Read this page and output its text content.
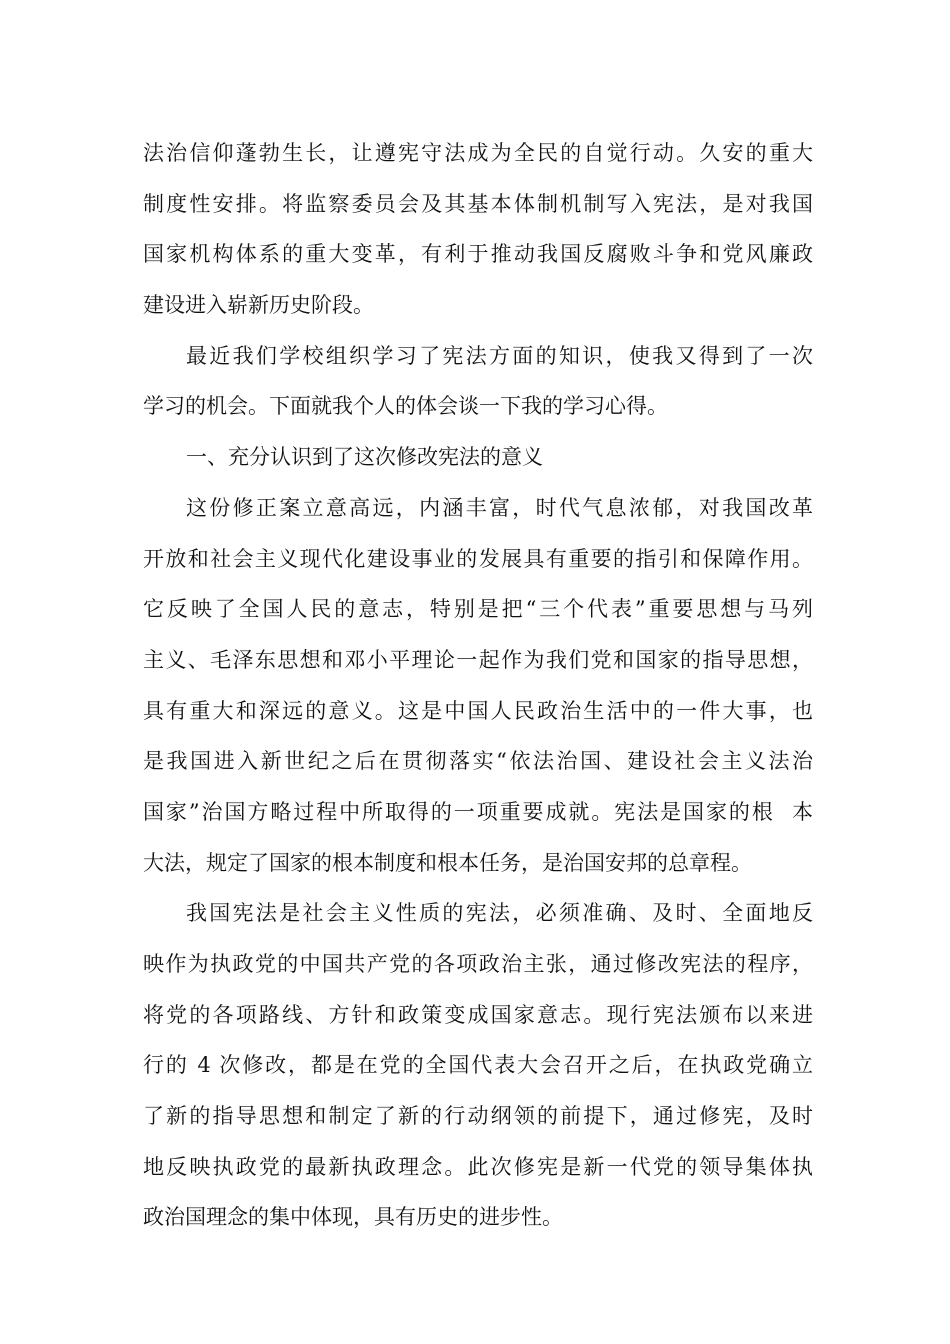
法治信仰蓬勃生长，让遵宪守法成为全民的自觉行动。久安的重大
制度性安排。将监察委员会及其基本体制机制写入宪法，是对我国
国家机构体系的重大变革，有利于推动我国反腐败斗争和党风廉政
建设进入崭新历史阶段。
最近我们学校组织学习了宪法方面的知识，使我又得到了一次
学习的机会。下面就我个人的体会谈一下我的学习心得。
一、充分认识到了这次修改宪法的意义
这份修正案立意高远，内涵丰富，时代气息浓郁，对我国改革
开放和社会主义现代化建设事业的发展具有重要的指引和保障作用。
它反映了全国人民的意志，特别是把“三个代表”重要思想与马列
主义、毛泽东思想和邓小平理论一起作为我们党和国家的指导思想，
具有重大和深远的意义。这是中国人民政治生活中的一件大事，也
是我国进入新世纪之后在贯彻落实“依法治国、建设社会主义法治
国家”治国方略过程中所取得的一项重要成就。宪法是国家的根  本
大法，规定了国家的根本制度和根本任务，是治国安邦的总章程。
我国宪法是社会主义性质的宪法，必须准确、及时、全面地反
映作为执政党的中国共产党的各项政治主张，通过修改宪法的程序，
将党的各项路线、方针和政策变成国家意志。现行宪法颁布以来进
行的 4 次修改，都是在党的全国代表大会召开之后，在执政党确立
了新的指导思想和制定了新的行动纲领的前提下，通过修宪，及时
地反映执政党的最新执政理念。此次修宪是新一代党的领导集体执
政治国理念的集中体现，具有历史的进步性。
